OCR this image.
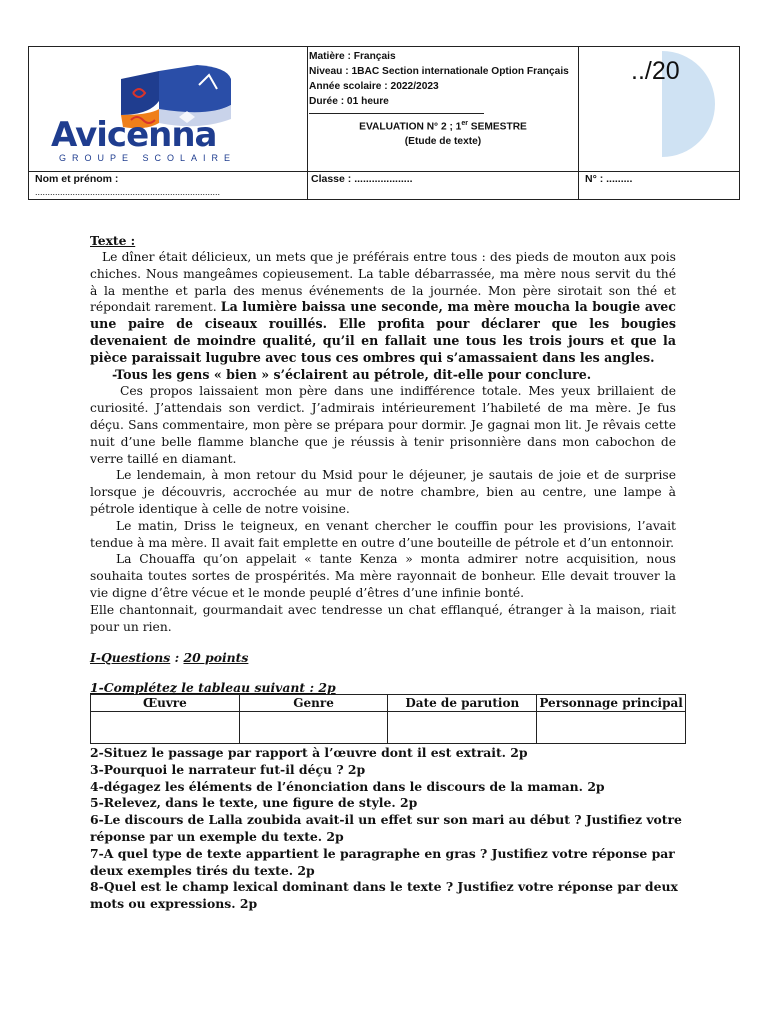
Avicenna
GROUPE SCOLAIRE
Matière : Français
Niveau : 1BAC Section internationale Option Français
Année scolaire : 2022/2023
Durée : 01 heure
EVALUATION N° 2 ; 1er SEMESTRE
(Etude de texte)
../20
Nom et prénom :
..........................................................................
Classe : ....................	N° : .........
Texte :

Le dîner était délicieux, un mets que je préférais entre tous : des pieds de mouton aux pois chiches. Nous mangeâmes copieusement. La table débarrassée, ma mère nous servit du thé à la menthe et parla des menus événements de la journée. Mon père sirotait son thé et répondait rarement. La lumière baissa une seconde, ma mère moucha la bougie avec une paire de ciseaux rouillés. Elle profita pour déclarer que les bougies devenaient de moindre qualité, qu’il en fallait une tous les trois jours et que la pièce paraissait lugubre avec tous ces ombres qui s’amassaient dans les angles.

-Tous les gens « bien » s’éclairent au pétrole, dit-elle pour conclure.

Ces propos laissaient mon père dans une indifférence totale. Mes yeux brillaient de curiosité. J’attendais son verdict. J’admirais intérieurement l’habileté de ma mère. Je fus déçu. Sans commentaire, mon père se prépara pour dormir. Je gagnai mon lit. Je rêvais cette nuit d’une belle flamme blanche que je réussis à tenir prisonnière dans mon cabochon de verre taillé en diamant.

Le lendemain, à mon retour du Msid pour le déjeuner, je sautais de joie et de surprise lorsque je découvris, accrochée au mur de notre chambre, bien au centre, une lampe à pétrole identique à celle de notre voisine.

Le matin, Driss le teigneux, en venant chercher le couffin pour les provisions, l’avait tendue à ma mère. Il avait fait emplette en outre d’une bouteille de pétrole et d’un entonnoir.

La Chouaffa qu’on appelait « tante Kenza » monta admirer notre acquisition, nous souhaita toutes sortes de prospérités. Ma mère rayonnait de bonheur. Elle devait trouver la vie digne d’être vécue et le monde peuplé d’êtres d’une infinie bonté.

Elle chantonnait, gourmandait avec tendresse un chat efflanqué, étranger à la maison, riait pour un rien.

I-Questions : 20 points
1-Complétez le tableau suivant : 2p
Œuvre	Genre	Date de parution	Personnage principal

2-Situez le passage par rapport à l’œuvre dont il est extrait. 2p

3-Pourquoi le narrateur fut-il déçu ? 2p

4-dégagez les éléments de l’énonciation dans le discours de la maman. 2p

5-Relevez, dans le texte, une figure de style. 2p

6-Le discours de Lalla zoubida avait-il un effet sur son mari au début ? Justifiez votre réponse par un exemple du texte. 2p

7-A quel type de texte appartient le paragraphe en gras ? Justifiez votre réponse par deux exemples tirés du texte. 2p

8-Quel est le champ lexical dominant dans le texte ? Justifiez votre réponse par deux mots ou expressions. 2p
